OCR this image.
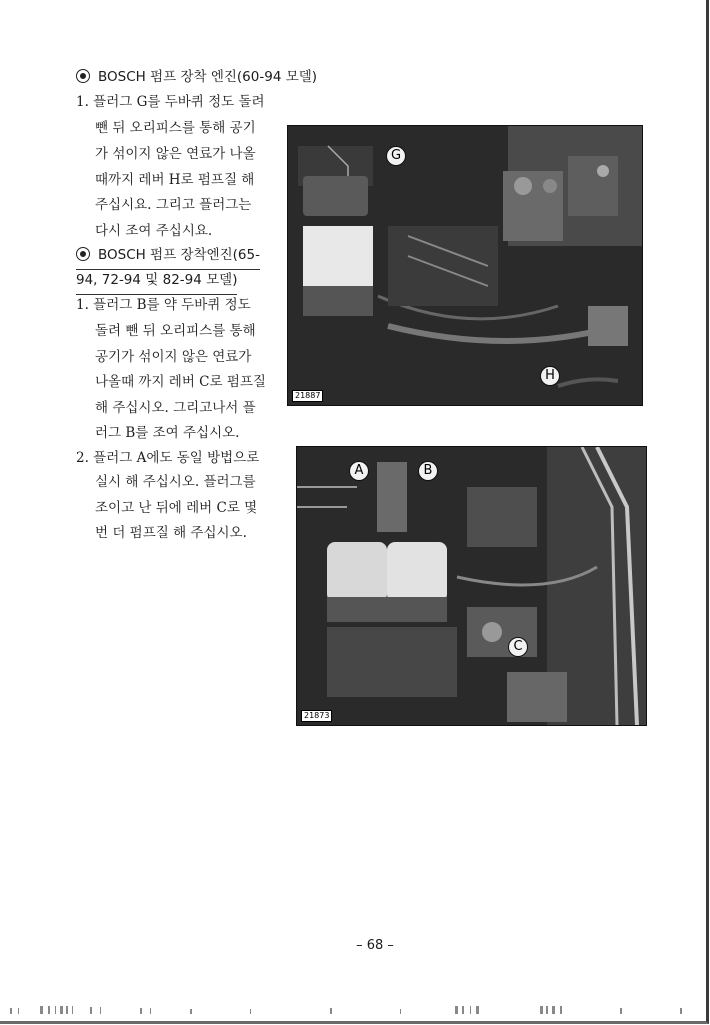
BOSCH 펌프 장착 엔진(60-94 모델)
1. 플러그 G를 두바퀴 정도 돌려
뺀 뒤 오리피스를 통해 공기
가 섞이지 않은 연료가 나올
때까지 레버 H로 펌프질 해
주십시요. 그리고 플러그는
다시 조여 주십시요.
BOSCH 펌프 장착엔진(65-
94, 72-94 및 82-94 모델)
1. 플러그 B를 약 두바퀴 정도
돌려 뺀 뒤 오리피스를 통해
공기가 섞이지 않은 연료가
나올때 까지 레버 C로 펌프질
해 주십시오. 그리고나서 플
러그 B를 조여 주십시오.
2. 플러그 A에도 동일 방법으로
실시 해 주십시오. 플러그를
조이고 난 뒤에 레버 C로 몇
번 더 펌프질 해 주십시오.
G
H
21887
A	B
C
21873
– 68 –
